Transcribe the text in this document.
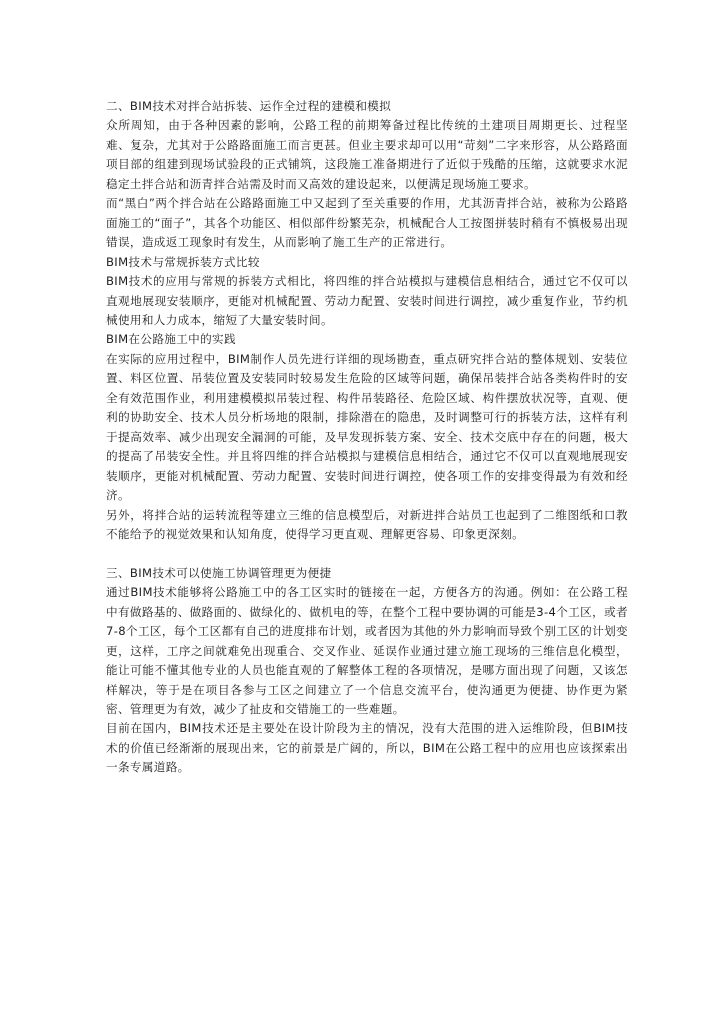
二、BIM技术对拌合站拆装、运作全过程的建模和模拟

众所周知，由于各种因素的影响，公路工程的前期筹备过程比传统的土建项目周期更长、过程坚难、复杂，尤其对于公路路面施工而言更甚。但业主要求却可以用“苛刻”二字来形容，从公路路面项目部的组建到现场试验段的正式铺筑，这段施工准备期进行了近似于残酷的压缩，这就要求水泥稳定土拌合站和沥青拌合站需及时而又高效的建设起来，以便满足现场施工要求。

而“黑白”两个拌合站在公路路面施工中又起到了至关重要的作用，尤其沥青拌合站，被称为公路路面施工的“面子”，其各个功能区、相似部件纷繁芜杂，机械配合人工按图拼装时稍有不慎极易出现错误，造成返工现象时有发生，从而影响了施工生产的正常进行。

BIM技术与常规拆装方式比较

BIM技术的应用与常规的拆装方式相比，将四维的拌合站模拟与建模信息相结合，通过它不仅可以直观地展现安装顺序，更能对机械配置、劳动力配置、安装时间进行调控，减少重复作业，节约机械使用和人力成本，缩短了大量安装时间。

BIM在公路施工中的实践

在实际的应用过程中，BIM制作人员先进行详细的现场勘查，重点研究拌合站的整体规划、安装位置、料区位置、吊装位置及安装同时较易发生危险的区域等问题，确保吊装拌合站各类构件时的安全有效范围作业，利用建模模拟吊装过程、构件吊装路径、危险区域、构件摆放状况等，直观、便利的协助安全、技术人员分析场地的限制，排除潜在的隐患，及时调整可行的拆装方法，这样有利于提高效率、减少出现安全漏洞的可能，及早发现拆装方案、安全、技术交底中存在的问题，极大的提高了吊装安全性。并且将四维的拌合站模拟与建模信息相结合，通过它不仅可以直观地展现安装顺序，更能对机械配置、劳动力配置、安装时间进行调控，使各项工作的安排变得最为有效和经济。

另外，将拌合站的运转流程等建立三维的信息模型后，对新进拌合站员工也起到了二维图纸和口教不能给予的视觉效果和认知角度，使得学习更直观、理解更容易、印象更深刻。

三、BIM技术可以使施工协调管理更为便捷

通过BIM技术能够将公路施工中的各工区实时的链接在一起，方便各方的沟通。例如：在公路工程中有做路基的、做路面的、做绿化的、做机电的等，在整个工程中要协调的可能是3-4个工区，或者7-8个工区，每个工区都有自己的进度排布计划，或者因为其他的外力影响而导致个别工区的计划变更，这样，工序之间就难免出现重合、交叉作业、延误作业通过建立施工现场的三维信息化模型，能让可能不懂其他专业的人员也能直观的了解整体工程的各项情况，是哪方面出现了问题，又该怎样解决，等于是在项目各参与工区之间建立了一个信息交流平台，使沟通更为便捷、协作更为紧密、管理更为有效，减少了扯皮和交错施工的一些难题。

目前在国内，BIM技术还是主要处在设计阶段为主的情况，没有大范围的进入运维阶段，但BIM技术的价值已经渐渐的展现出来，它的前景是广阔的，所以，BIM在公路工程中的应用也应该探索出一条专属道路。
